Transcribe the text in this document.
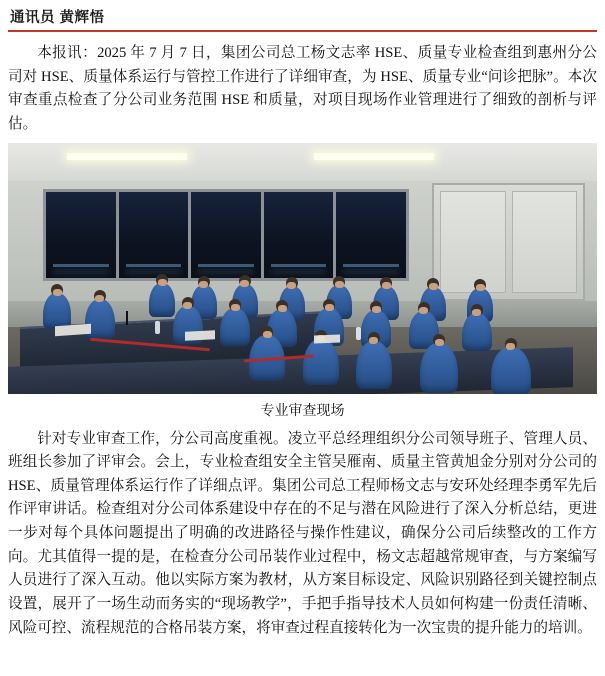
通讯员 黄辉悟

本报讯：2025 年 7 月 7 日，集团公司总工杨文志率 HSE、质量专业检查组到惠州分公司对 HSE、质量体系运行与管控工作进行了详细审查，为 HSE、质量专业“问诊把脉”。本次审查重点检查了分公司业务范围 HSE 和质量，对项目现场作业管理进行了细致的剖析与评估。

专业审查现场

针对专业审查工作，分公司高度重视。凌立平总经理组织分公司领导班子、管理人员、班组长参加了评审会。会上，专业检查组安全主管吴雁南、质量主管黄旭金分别对分公司的 HSE、质量管理体系运行作了详细点评。集团公司总工程师杨文志与安环处经理李勇军先后作评审讲话。检查组对分公司体系建设中存在的不足与潜在风险进行了深入分析总结，更进一步对每个具体问题提出了明确的改进路径与操作性建议，确保分公司后续整改的工作方向。尤其值得一提的是，在检查分公司吊装作业过程中，杨文志超越常规审查，与方案编写人员进行了深入互动。他以实际方案为教材，从方案目标设定、风险识别路径到关键控制点设置，展开了一场生动而务实的“现场教学”，手把手指导技术人员如何构建一份责任清晰、风险可控、流程规范的合格吊装方案，将审查过程直接转化为一次宝贵的提升能力的培训。
